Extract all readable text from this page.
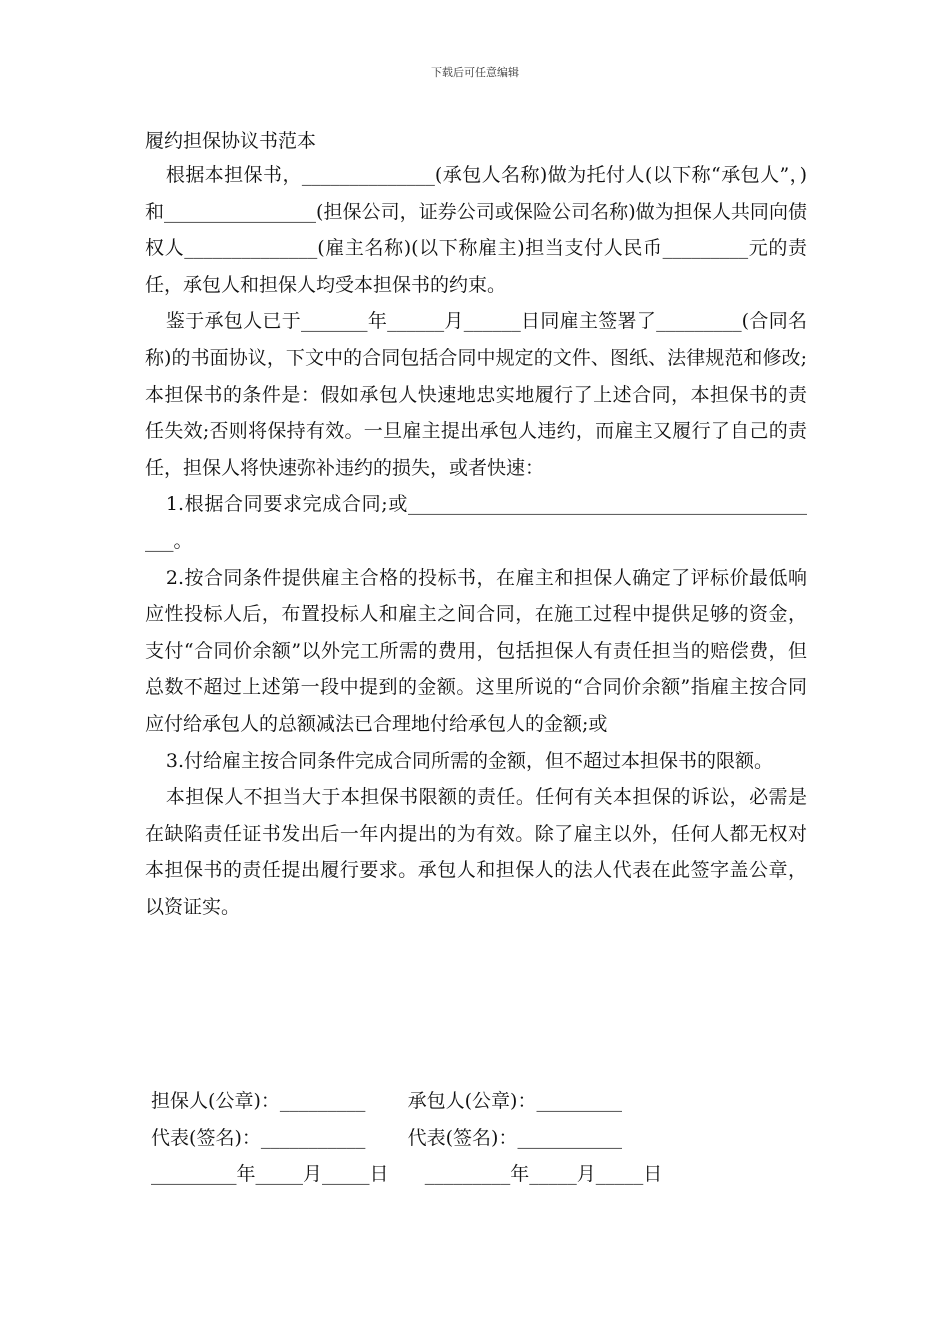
下载后可任意编辑
履约担保协议书范本

根据本担保书，______________(承包人名称)做为托付人(以下称“承包人”，)和________________(担保公司，证券公司或保险公司名称)做为担保人共同向债权人______________(雇主名称)(以下称雇主)担当支付人民币_________元的责任，承包人和担保人均受本担保书的约束。

鉴于承包人已于_______年______月______日同雇主签署了_________(合同名称)的书面协议，下文中的合同包括合同中规定的文件、图纸、法律规范和修改;本担保书的条件是：假如承包人快速地忠实地履行了上述合同，本担保书的责任失效;否则将保持有效。一旦雇主提出承包人违约，而雇主又履行了自己的责任，担保人将快速弥补违约的损失，或者快速：

1.根据合同要求完成合同;或_____________________________________________。

2.按合同条件提供雇主合格的投标书，在雇主和担保人确定了评标价最低响应性投标人后，布置投标人和雇主之间合同，在施工过程中提供足够的资金，支付“合同价余额”以外完工所需的费用，包括担保人有责任担当的赔偿费，但总数不超过上述第一段中提到的金额。这里所说的“合同价余额”指雇主按合同应付给承包人的总额减法已合理地付给承包人的金额;或

3.付给雇主按合同条件完成合同所需的金额，但不超过本担保书的限额。

本担保人不担当大于本担保书限额的责任。任何有关本担保的诉讼，必需是在缺陷责任证书发出后一年内提出的为有效。除了雇主以外，任何人都无权对本担保书的责任提出履行要求。承包人和担保人的法人代表在此签字盖公章，以资证实。

担保人(公章)：_________       承包人(公章)：_________
代表(签名)：___________       代表(签名)：___________
_________年_____月_____日      _________年_____月_____日
